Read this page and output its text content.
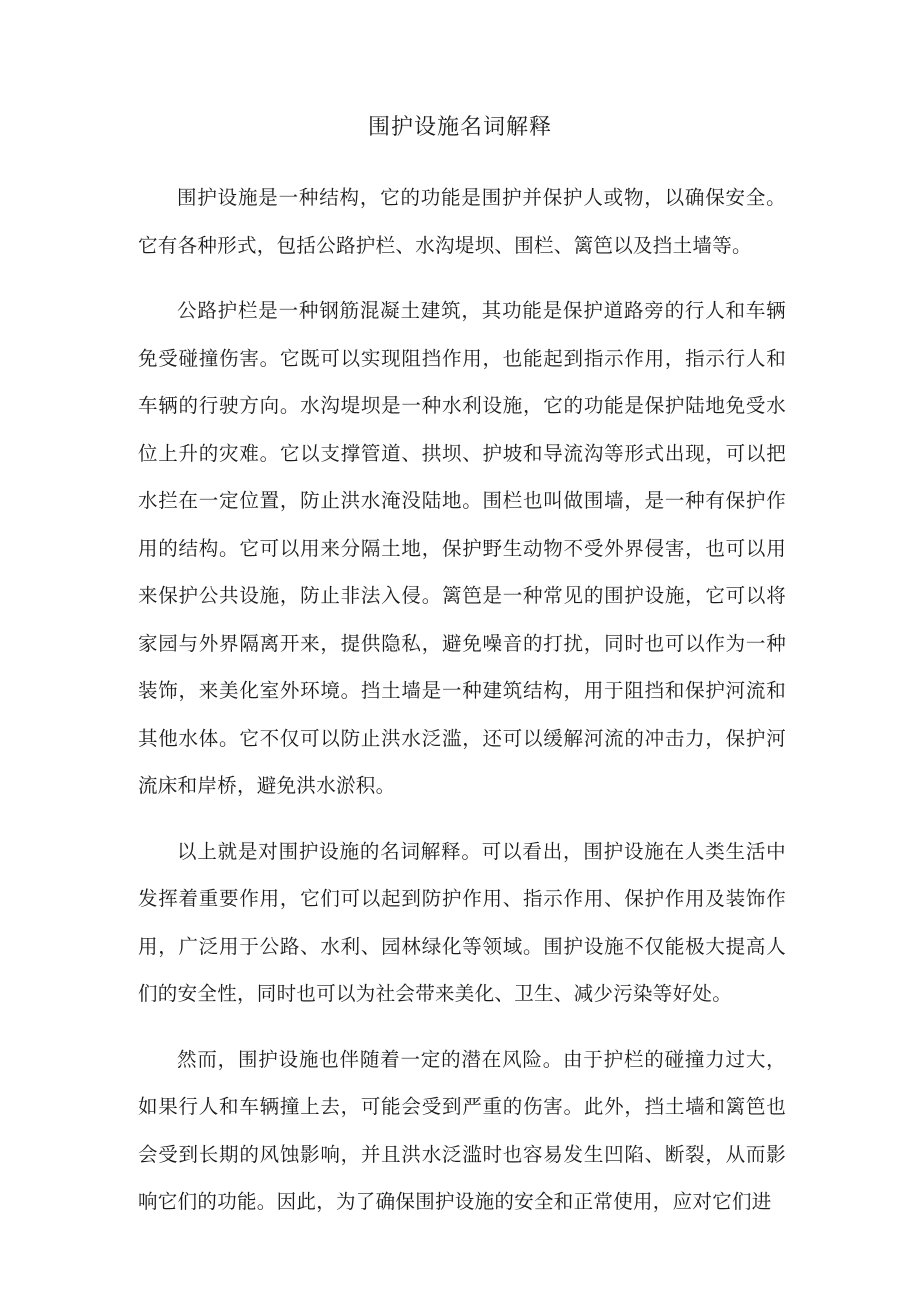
围护设施名词解释

围护设施是一种结构，它的功能是围护并保护人或物，以确保安全。它有各种形式，包括公路护栏、水沟堤坝、围栏、篱笆以及挡土墙等。

公路护栏是一种钢筋混凝土建筑，其功能是保护道路旁的行人和车辆免受碰撞伤害。它既可以实现阻挡作用，也能起到指示作用，指示行人和车辆的行驶方向。水沟堤坝是一种水利设施，它的功能是保护陆地免受水位上升的灾难。它以支撑管道、拱坝、护坡和导流沟等形式出现，可以把水拦在一定位置，防止洪水淹没陆地。围栏也叫做围墙，是一种有保护作用的结构。它可以用来分隔土地，保护野生动物不受外界侵害，也可以用来保护公共设施，防止非法入侵。篱笆是一种常见的围护设施，它可以将家园与外界隔离开来，提供隐私，避免噪音的打扰，同时也可以作为一种装饰，来美化室外环境。挡土墙是一种建筑结构，用于阻挡和保护河流和其他水体。它不仅可以防止洪水泛滥，还可以缓解河流的冲击力，保护河流床和岸桥，避免洪水淤积。

以上就是对围护设施的名词解释。可以看出，围护设施在人类生活中发挥着重要作用，它们可以起到防护作用、指示作用、保护作用及装饰作用，广泛用于公路、水利、园林绿化等领域。围护设施不仅能极大提高人们的安全性，同时也可以为社会带来美化、卫生、减少污染等好处。

然而，围护设施也伴随着一定的潜在风险。由于护栏的碰撞力过大，如果行人和车辆撞上去，可能会受到严重的伤害。此外，挡土墙和篱笆也会受到长期的风蚀影响，并且洪水泛滥时也容易发生凹陷、断裂，从而影响它们的功能。因此，为了确保围护设施的安全和正常使用，应对它们进
